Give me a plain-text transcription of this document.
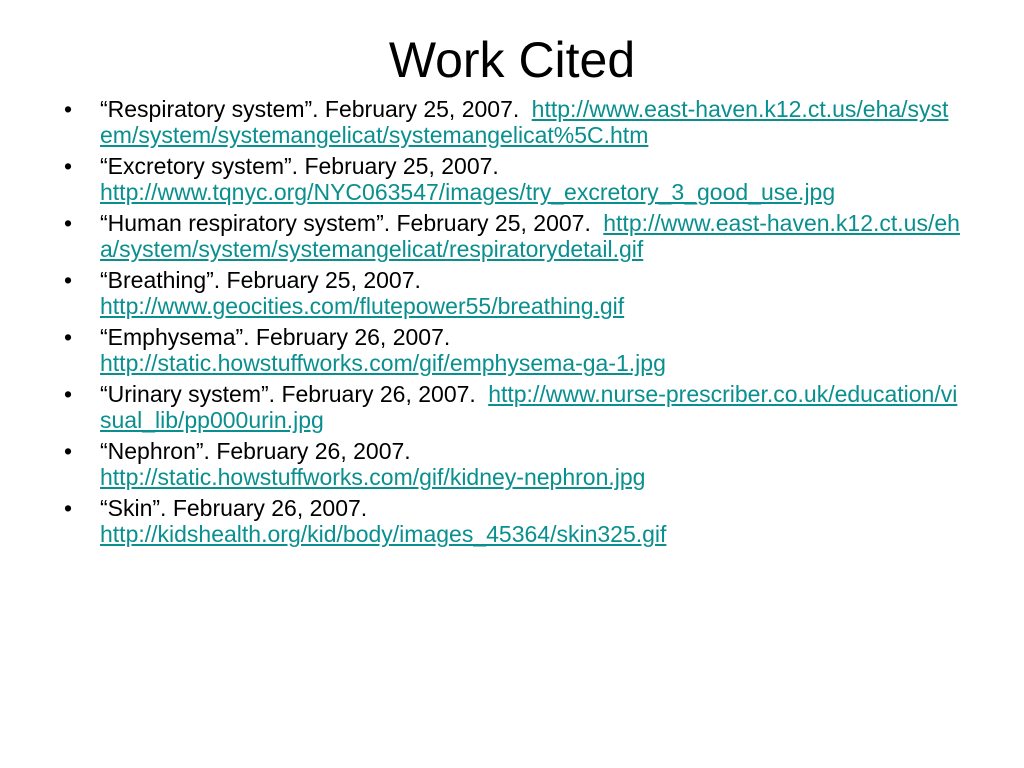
Work Cited
•	“Respiratory system”. February 25, 2007. http://www.east-haven.k12.ct.us/eha/system/system/systemangelicat/systemangelicat%5C.htm
•	“Excretory system”. February 25, 2007.
http://www.tqnyc.org/NYC063547/images/try_excretory_3_good_use.jpg
•	“Human respiratory system”. February 25, 2007. http://www.east-haven.k12.ct.us/eha/system/system/systemangelicat/respiratorydetail.gif
•	“Breathing”. February 25, 2007.
http://www.geocities.com/flutepower55/breathing.gif
•	“Emphysema”. February 26, 2007.
http://static.howstuffworks.com/gif/emphysema-ga-1.jpg
•	“Urinary system”. February 26, 2007. http://www.nurse-prescriber.co.uk/education/visual_lib/pp000urin.jpg
•	“Nephron”. February 26, 2007.
http://static.howstuffworks.com/gif/kidney-nephron.jpg
•	“Skin”. February 26, 2007.
http://kidshealth.org/kid/body/images_45364/skin325.gif
